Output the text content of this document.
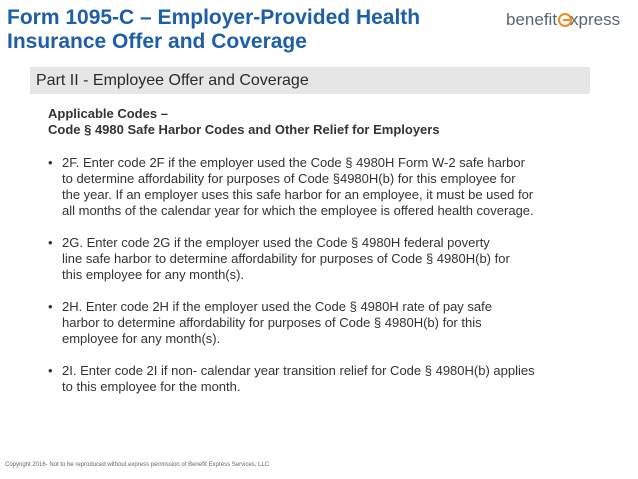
Form 1095-C – Employer-Provided Health
Insurance Offer and Coverage
benefit xpress
Part II - Employee Offer and Coverage
Applicable Codes –
Code § 4980 Safe Harbor Codes and Other Relief for Employers
• 2F. Enter code 2F if the employer used the Code § 4980H Form W-2 safe harbor
to determine affordability for purposes of Code §4980H(b) for this employee for
the year. If an employer uses this safe harbor for an employee, it must be used for
all months of the calendar year for which the employee is offered health coverage.
• 2G. Enter code 2G if the employer used the Code § 4980H federal poverty
line safe harbor to determine affordability for purposes of Code § 4980H(b) for
this employee for any month(s).
• 2H. Enter code 2H if the employer used the Code § 4980H rate of pay safe
harbor to determine affordability for purposes of Code § 4980H(b) for this
employee for any month(s).
• 2I. Enter code 2I if non- calendar year transition relief for Code § 4980H(b) applies
to this employee for the month.
Copyright 2016- Not to be reproduced without express permission of Benefit Express Services, LLC
